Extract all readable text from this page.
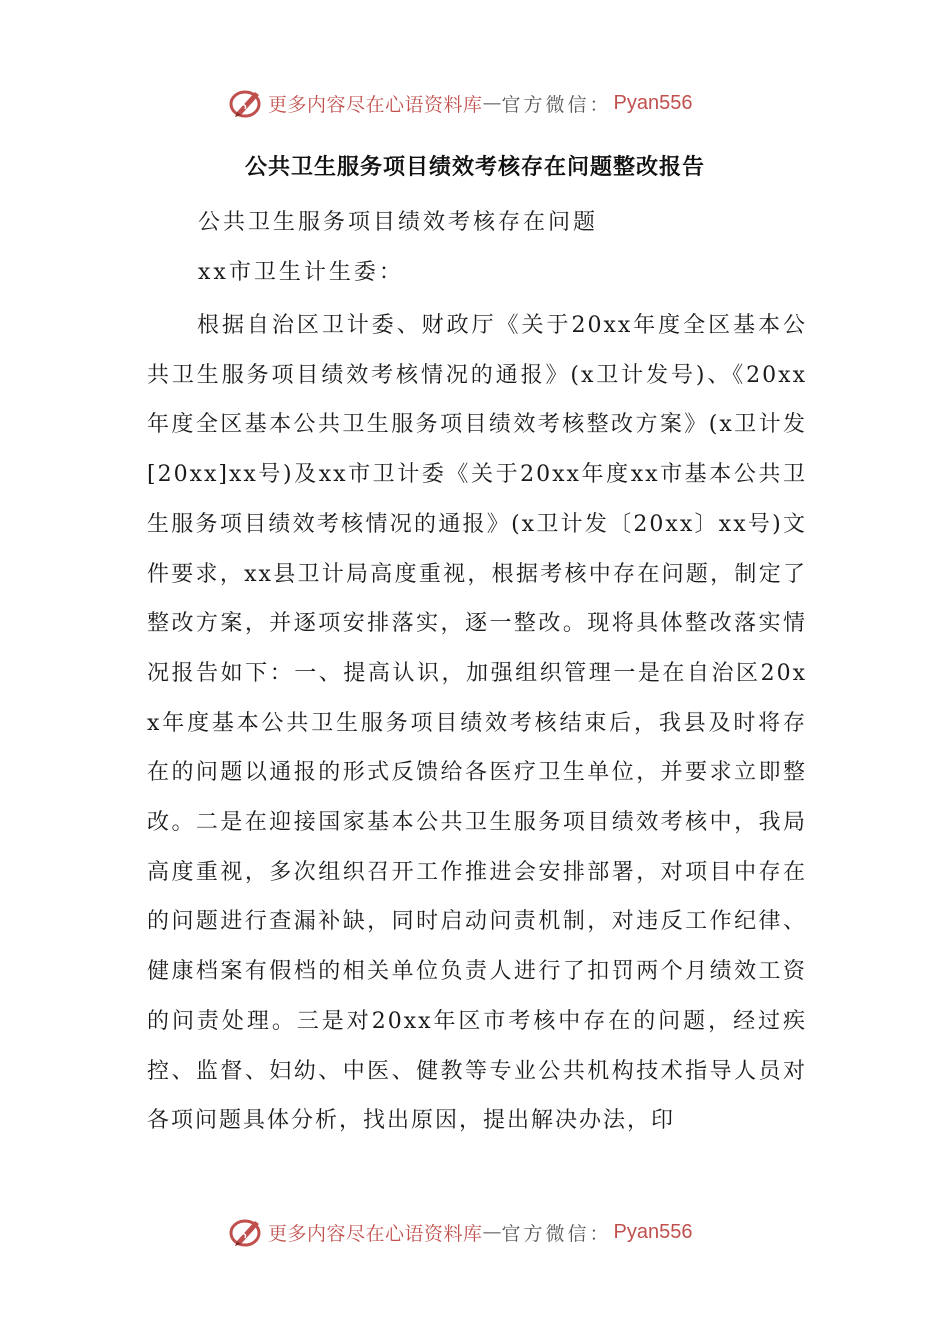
更多内容尽在心语资料库 — 官方微信： Pyan556
公共卫生服务项目绩效考核存在问题整改报告
公共卫生服务项目绩效考核存在问题
xx市卫生计生委：

根据自治区卫计委、财政厅《关于20xx年度全区基本公共卫生服务项目绩效考核情况的通报》(x卫计发号)、《20xx年度全区基本公共卫生服务项目绩效考核整改方案》(x卫计发[20xx]xx号)及xx市卫计委《关于20xx年度xx市基本公共卫生服务项目绩效考核情况的通报》(x卫计发〔20xx〕xx号)文件要求，xx县卫计局高度重视，根据考核中存在问题，制定了整改方案，并逐项安排落实，逐一整改。现将具体整改落实情况报告如下：一、提高认识，加强组织管理一是在自治区20xx年度基本公共卫生服务项目绩效考核结束后，我县及时将存在的问题以通报的形式反馈给各医疗卫生单位，并要求立即整改。二是在迎接国家基本公共卫生服务项目绩效考核中，我局高度重视，多次组织召开工作推进会安排部署，对项目中存在的问题进行查漏补缺，同时启动问责机制，对违反工作纪律、健康档案有假档的相关单位负责人进行了扣罚两个月绩效工资的问责处理。三是对20xx年区市考核中存在的问题，经过疾控、监督、妇幼、中医、健教等专业公共机构技术指导人员对各项问题具体分析，找出原因，提出解决办法，印

更多内容尽在心语资料库 — 官方微信： Pyan556
